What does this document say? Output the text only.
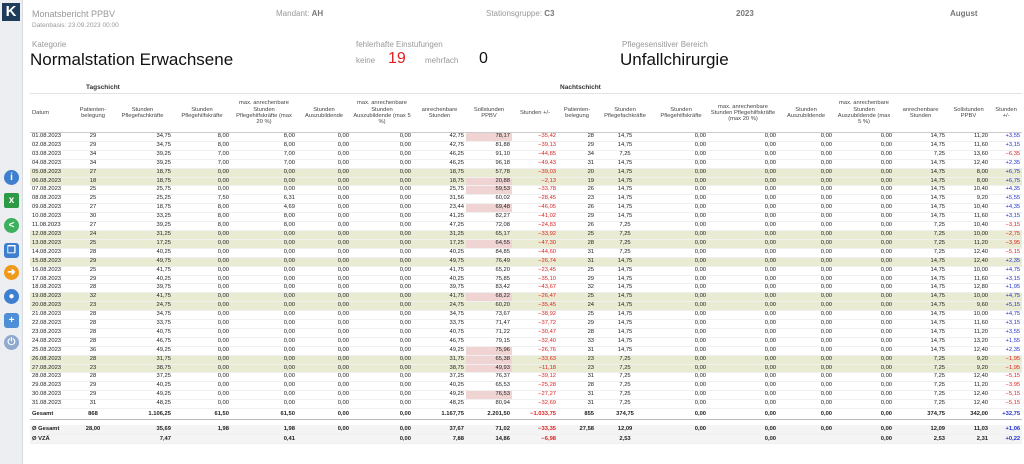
K
i
x
<
❐
➜
●
+
⏻
Monatsbericht PPBV	Mandant: AH	Stationsgruppe: C3	2023	August
Datenbasis: 23.09.2023 00:00
Kategorie
Normalstation Erwachsene
fehlerhafte Einstufungen
keine 19 mehrfach 0
Pflegesensitiver Bereich
Unfallchirurgie
	Tagschicht									Nachtschicht								
Datum	Patienten-belegung	Stunden Pflegefachkräfte	Stunden Pflegehilfskräfte	max. anrechenbare Stunden Pflegehilfskräfte (max 20 %)	Stunden Auszubildende	max. anrechenbare Stunden Auszubildende (max 5 %)	anrechenbare Stunden	Sollstunden PPBV	Stunden +/-	Patienten-belegung	Stunden Pflegefachkräfte	Stunden Pflegehilfskräfte	max. anrechenbare Stunden Pflegehilfskräfte (max 20 %)	Stunden Auszubildende	max. anrechenbare Stunden Auszubildende (max 5 %)	anrechenbare Stunden	Sollstunden PPBV	Stunden +/-
01.08.2023	29	34,75	8,00	8,00	0,00	0,00	42,75	78,17	−35,42	28	14,75	0,00	0,00	0,00	0,00	14,75	11,20	+3,55
02.08.2023	29	34,75	8,00	8,00	0,00	0,00	42,75	81,88	−39,13	29	14,75	0,00	0,00	0,00	0,00	14,75	11,60	+3,15
03.08.2023	34	39,25	7,00	7,00	0,00	0,00	46,25	91,10	−44,85	34	7,25	0,00	0,00	0,00	0,00	7,25	13,60	−6,35
04.08.2023	34	39,25	7,00	7,00	0,00	0,00	46,25	96,18	−49,43	31	14,75	0,00	0,00	0,00	0,00	14,75	12,40	+2,35
05.08.2023	27	18,75	0,00	0,00	0,00	0,00	18,75	57,78	−39,03	20	14,75	0,00	0,00	0,00	0,00	14,75	8,00	+6,75
06.08.2023	18	18,75	0,00	0,00	0,00	0,00	18,75	20,88	−2,13	19	14,75	0,00	0,00	0,00	0,00	14,75	8,00	+6,75
07.08.2023	25	25,75	0,00	0,00	0,00	0,00	25,75	59,53	−33,78	26	14,75	0,00	0,00	0,00	0,00	14,75	10,40	+4,35
08.08.2023	25	25,25	7,50	6,31	0,00	0,00	31,56	60,02	−28,45	23	14,75	0,00	0,00	0,00	0,00	14,75	9,20	+5,55
09.08.2023	27	18,75	8,00	4,69	0,00	0,00	23,44	69,48	−46,05	26	14,75	0,00	0,00	0,00	0,00	14,75	10,40	+4,35
10.08.2023	30	33,25	8,00	8,00	0,00	0,00	41,25	82,27	−41,02	29	14,75	0,00	0,00	0,00	0,00	14,75	11,60	+3,15
11.08.2023	27	39,25	8,00	8,00	0,00	0,00	47,25	72,08	−24,83	26	7,25	0,00	0,00	0,00	0,00	7,25	10,40	−3,15
12.08.2023	24	31,25	0,00	0,00	0,00	0,00	31,25	65,17	−33,92	25	7,25	0,00	0,00	0,00	0,00	7,25	10,00	−2,75
13.08.2023	25	17,25	0,00	0,00	0,00	0,00	17,25	64,55	−47,30	28	7,25	0,00	0,00	0,00	0,00	7,25	11,20	−3,95
14.08.2023	28	40,25	0,00	0,00	0,00	0,00	40,25	84,85	−44,60	31	7,25	0,00	0,00	0,00	0,00	7,25	12,40	−5,15
15.08.2023	29	49,75	0,00	0,00	0,00	0,00	49,75	76,49	−26,74	31	14,75	0,00	0,00	0,00	0,00	14,75	12,40	+2,35
16.08.2023	25	41,75	0,00	0,00	0,00	0,00	41,75	65,20	−23,45	25	14,75	0,00	0,00	0,00	0,00	14,75	10,00	+4,75
17.08.2023	29	40,25	0,00	0,00	0,00	0,00	40,25	75,85	−35,10	29	14,75	0,00	0,00	0,00	0,00	14,75	11,60	+3,15
18.08.2023	28	39,75	0,00	0,00	0,00	0,00	39,75	83,42	−43,67	32	14,75	0,00	0,00	0,00	0,00	14,75	12,80	+1,95
19.08.2023	32	41,75	0,00	0,00	0,00	0,00	41,75	68,22	−26,47	25	14,75	0,00	0,00	0,00	0,00	14,75	10,00	+4,75
20.08.2023	23	24,75	0,00	0,00	0,00	0,00	24,75	60,20	−35,45	24	14,75	0,00	0,00	0,00	0,00	14,75	9,60	+5,15
21.08.2023	28	34,75	0,00	0,00	0,00	0,00	34,75	73,67	−38,92	25	14,75	0,00	0,00	0,00	0,00	14,75	10,00	+4,75
22.08.2023	28	33,75	0,00	0,00	0,00	0,00	33,75	71,47	−37,72	29	14,75	0,00	0,00	0,00	0,00	14,75	11,60	+3,15
23.08.2023	28	40,75	0,00	0,00	0,00	0,00	40,75	71,22	−30,47	28	14,75	0,00	0,00	0,00	0,00	14,75	11,20	+3,55
24.08.2023	28	46,75	0,00	0,00	0,00	0,00	46,75	79,15	−32,40	33	14,75	0,00	0,00	0,00	0,00	14,75	13,20	+1,55
25.08.2023	36	49,25	0,00	0,00	0,00	0,00	49,25	75,96	−26,76	31	14,75	0,00	0,00	0,00	0,00	14,75	12,40	+2,35
26.08.2023	28	31,75	0,00	0,00	0,00	0,00	31,75	65,38	−33,63	23	7,25	0,00	0,00	0,00	0,00	7,25	9,20	−1,95
27.08.2023	23	38,75	0,00	0,00	0,00	0,00	38,75	49,93	−11,18	23	7,25	0,00	0,00	0,00	0,00	7,25	9,20	−1,95
28.08.2023	28	37,25	0,00	0,00	0,00	0,00	37,25	76,37	−39,12	31	7,25	0,00	0,00	0,00	0,00	7,25	12,40	−5,15
29.08.2023	29	40,25	0,00	0,00	0,00	0,00	40,25	65,53	−25,28	28	7,25	0,00	0,00	0,00	0,00	7,25	11,20	−3,95
30.08.2023	29	49,25	0,00	0,00	0,00	0,00	49,25	76,53	−27,27	31	7,25	0,00	0,00	0,00	0,00	7,25	12,40	−5,15
31.08.2023	31	48,25	0,00	0,00	0,00	0,00	48,25	80,94	−32,69	31	7,25	0,00	0,00	0,00	0,00	7,25	12,40	−5,15
Gesamt	868	1.106,25	61,50	61,50	0,00	0,00	1.167,75	2.201,50	−1.033,75	855	374,75	0,00	0,00	0,00	0,00	374,75	342,00	+32,75

Ø Gesamt	28,00	35,69	1,98	1,98	0,00	0,00	37,67	71,02	−33,35	27,58	12,09	0,00	0,00	0,00	0,00	12,09	11,03	+1,06
Ø VZÄ		7,47		0,41		0,00	7,88	14,86	−6,98		2,53		0,00		0,00	2,53	2,31	+0,22
